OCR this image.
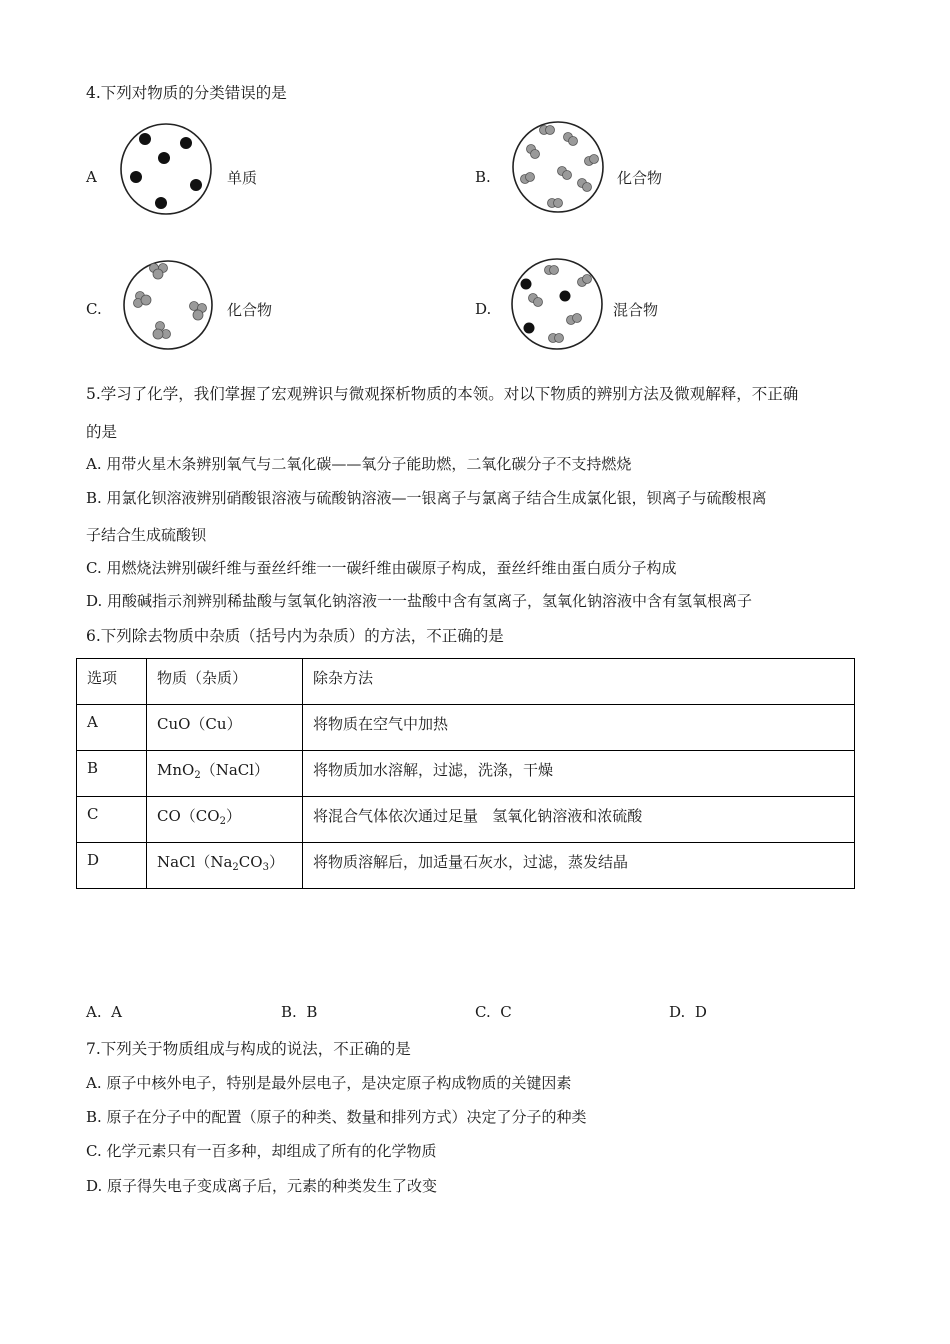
4.下列对物质的分类错误的是
A	单质	B.	化合物
C.	化合物	D.	混合物
5.学习了化学，我们掌握了宏观辨识与微观探析物质的本领。对以下物质的辨别方法及微观解释，不正确
的是
A. 用带火星木条辨别氧气与二氧化碳——氧分子能助燃，二氧化碳分子不支持燃烧
B. 用氯化钡溶液辨别硝酸银溶液与硫酸钠溶液—一银离子与氯离子结合生成氯化银，钡离子与硫酸根离
子结合生成硫酸钡
C. 用燃烧法辨别碳纤维与蚕丝纤维一一碳纤维由碳原子构成，蚕丝纤维由蛋白质分子构成
D. 用酸碱指示剂辨别稀盐酸与氢氧化钠溶液一一盐酸中含有氢离子，氢氧化钠溶液中含有氢氧根离子
6.下列除去物质中杂质（括号内为杂质）的方法，不正确的是
选项	物质（杂质）	除杂方法
A	CuO（Cu）	将物质在空气中加热
B	MnO$_2$（NaCl）	将物质加水溶解，过滤，洗涤，干燥
C	$CO(CO_2)$	将混合气体依次通过足量   氢氧化钠溶液和浓硫酸
D	$NaCl(Na_2CO_3)$	将物质溶解后，加适量石灰水，过滤，蒸发结晶
A. A	B. B	C. C	D. D
7.下列关于物质组成与构成的说法，不正确的是
A. 原子中核外电子，特别是最外层电子，是决定原子构成物质的关键因素
B. 原子在分子中的配置（原子的种类、数量和排列方式）决定了分子的种类
C. 化学元素只有一百多种，却组成了所有的化学物质
D. 原子得失电子变成离子后，元素的种类发生了改变
